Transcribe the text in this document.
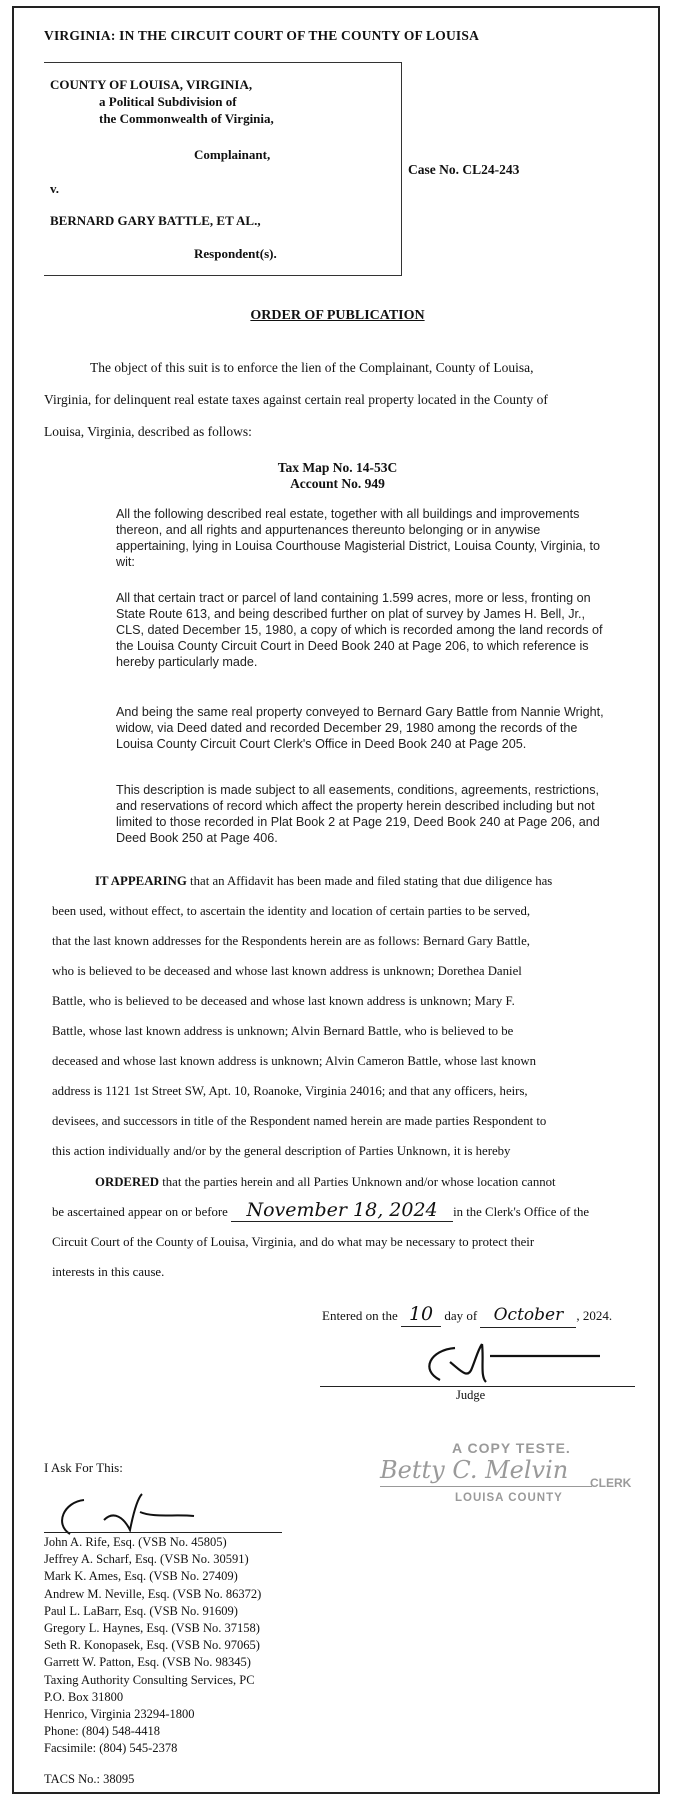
VIRGINIA: IN THE CIRCUIT COURT OF THE COUNTY OF LOUISA
COUNTY OF LOUISA, VIRGINIA,
a Political Subdivision of
the Commonwealth of Virginia,
Complainant,
v.
BERNARD GARY BATTLE, ET AL.,
Respondent(s).
Case No. CL24-243
ORDER OF PUBLICATION
The object of this suit is to enforce the lien of the Complainant, County of Louisa,
Virginia, for delinquent real estate taxes against certain real property located in the County of
Louisa, Virginia, described as follows:
Tax Map No. 14-53C
Account No. 949
All the following described real estate, together with all buildings and improvements thereon, and all rights and appurtenances thereunto belonging or in anywise appertaining, lying in Louisa Courthouse Magisterial District, Louisa County, Virginia, to wit:
All that certain tract or parcel of land containing 1.599 acres, more or less, fronting on State Route 613, and being described further on plat of survey by James H. Bell, Jr., CLS, dated December 15, 1980, a copy of which is recorded among the land records of the Louisa County Circuit Court in Deed Book 240 at Page 206, to which reference is hereby particularly made.
And being the same real property conveyed to Bernard Gary Battle from Nannie Wright, widow, via Deed dated and recorded December 29, 1980 among the records of the Louisa County Circuit Court Clerk's Office in Deed Book 240 at Page 205.
This description is made subject to all easements, conditions, agreements, restrictions, and reservations of record which affect the property herein described including but not limited to those recorded in Plat Book 2 at Page 219, Deed Book 240 at Page 206, and Deed Book 250 at Page 406.
IT APPEARING that an Affidavit has been made and filed stating that due diligence has
been used, without effect, to ascertain the identity and location of certain parties to be served,
that the last known addresses for the Respondents herein are as follows: Bernard Gary Battle,
who is believed to be deceased and whose last known address is unknown; Dorethea Daniel
Battle, who is believed to be deceased and whose last known address is unknown; Mary F.
Battle, whose last known address is unknown; Alvin Bernard Battle, who is believed to be
deceased and whose last known address is unknown; Alvin Cameron Battle, whose last known
address is 1121 1st Street SW, Apt. 10, Roanoke, Virginia 24016; and that any officers, heirs,
devisees, and successors in title of the Respondent named herein are made parties Respondent to
this action individually and/or by the general description of Parties Unknown, it is hereby
ORDERED that the parties herein and all Parties Unknown and/or whose location cannot
be ascertained appear on or before November 18, 2024 in the Clerk's Office of the
Circuit Court of the County of Louisa, Virginia, and do what may be necessary to protect their
interests in this cause.
Entered on the 10 day of October , 2024.
Judge
A COPY TESTE.
Betty C. Melvin CLERK
LOUISA COUNTY
I Ask For This:
John A. Rife, Esq. (VSB No. 45805)
Jeffrey A. Scharf, Esq. (VSB No. 30591)
Mark K. Ames, Esq. (VSB No. 27409)
Andrew M. Neville, Esq. (VSB No. 86372)
Paul L. LaBarr, Esq. (VSB No. 91609)
Gregory L. Haynes, Esq. (VSB No. 37158)
Seth R. Konopasek, Esq. (VSB No. 97065)
Garrett W. Patton, Esq. (VSB No. 98345)
Taxing Authority Consulting Services, PC
P.O. Box 31800
Henrico, Virginia 23294-1800
Phone: (804) 548-4418
Facsimile: (804) 545-2378
TACS No.: 38095
